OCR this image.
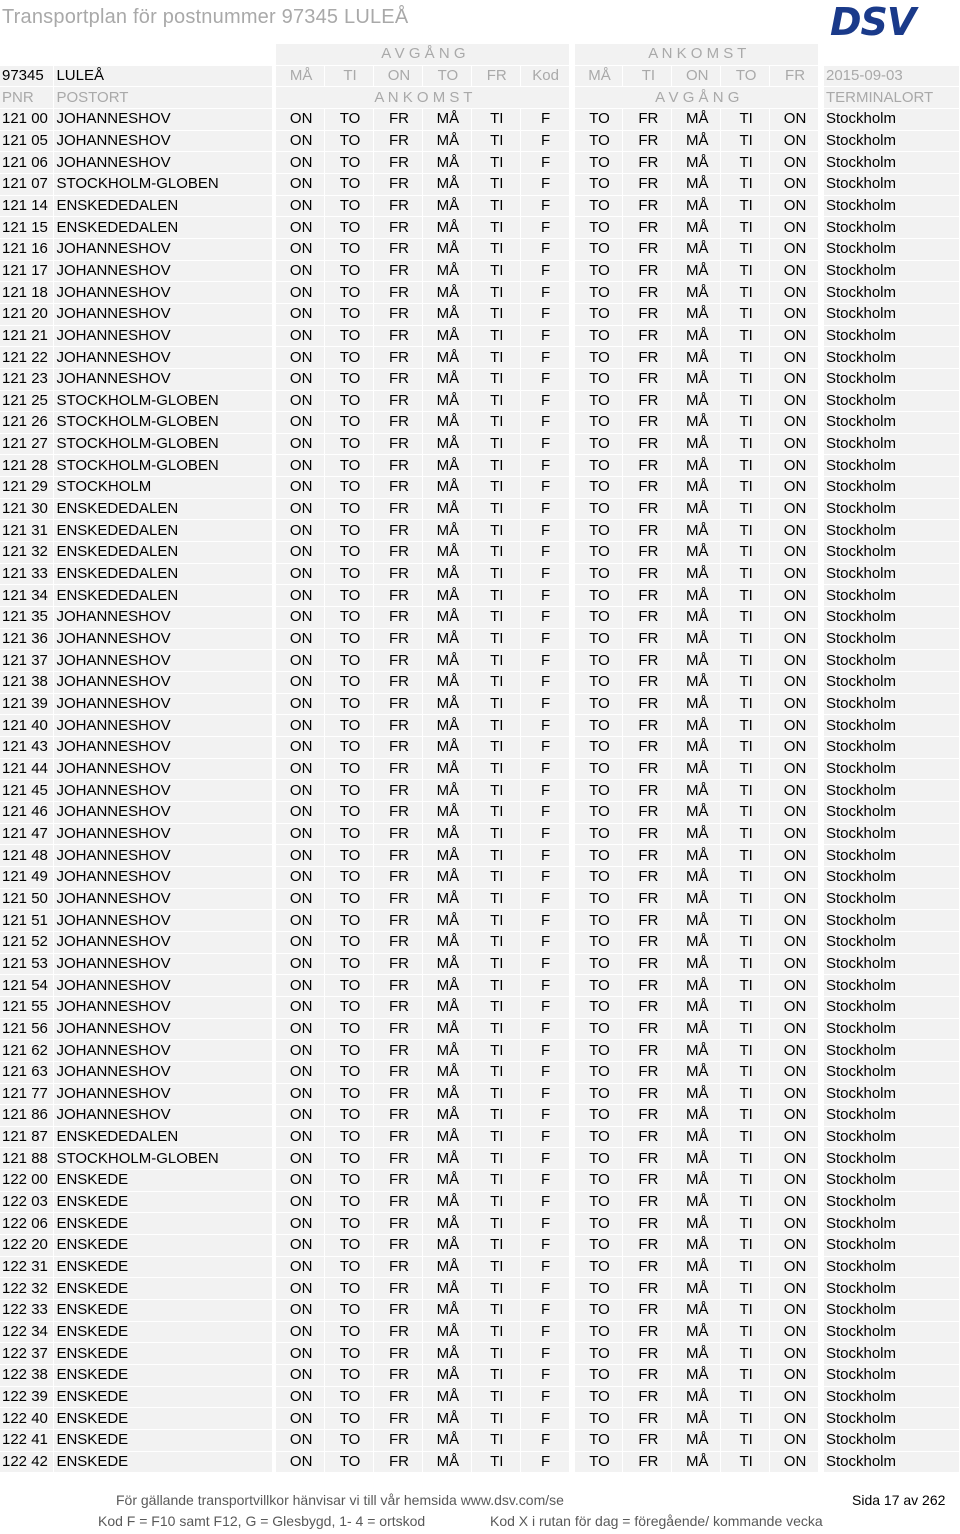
Transportplan för postnummer 97345 LULEÅ	DSV
			A V G Å N G							A N K O M S T						
97345	LULEÅ		MÅ	TI	ON	TO	FR	Kod		MÅ	TI	ON	TO	FR		2015-09-03
PNR	POSTORT		A N K O M S T							A V G Å N G						TERMINALORT
121 00	JOHANNESHOV		ON	TO	FR	MÅ	TI	F		TO	FR	MÅ	TI	ON		Stockholm
121 05	JOHANNESHOV		ON	TO	FR	MÅ	TI	F		TO	FR	MÅ	TI	ON		Stockholm
121 06	JOHANNESHOV		ON	TO	FR	MÅ	TI	F		TO	FR	MÅ	TI	ON		Stockholm
121 07	STOCKHOLM-GLOBEN		ON	TO	FR	MÅ	TI	F		TO	FR	MÅ	TI	ON		Stockholm
121 14	ENSKEDEDALEN		ON	TO	FR	MÅ	TI	F		TO	FR	MÅ	TI	ON		Stockholm
121 15	ENSKEDEDALEN		ON	TO	FR	MÅ	TI	F		TO	FR	MÅ	TI	ON		Stockholm
121 16	JOHANNESHOV		ON	TO	FR	MÅ	TI	F		TO	FR	MÅ	TI	ON		Stockholm
121 17	JOHANNESHOV		ON	TO	FR	MÅ	TI	F		TO	FR	MÅ	TI	ON		Stockholm
121 18	JOHANNESHOV		ON	TO	FR	MÅ	TI	F		TO	FR	MÅ	TI	ON		Stockholm
121 20	JOHANNESHOV		ON	TO	FR	MÅ	TI	F		TO	FR	MÅ	TI	ON		Stockholm
121 21	JOHANNESHOV		ON	TO	FR	MÅ	TI	F		TO	FR	MÅ	TI	ON		Stockholm
121 22	JOHANNESHOV		ON	TO	FR	MÅ	TI	F		TO	FR	MÅ	TI	ON		Stockholm
121 23	JOHANNESHOV		ON	TO	FR	MÅ	TI	F		TO	FR	MÅ	TI	ON		Stockholm
121 25	STOCKHOLM-GLOBEN		ON	TO	FR	MÅ	TI	F		TO	FR	MÅ	TI	ON		Stockholm
121 26	STOCKHOLM-GLOBEN		ON	TO	FR	MÅ	TI	F		TO	FR	MÅ	TI	ON		Stockholm
121 27	STOCKHOLM-GLOBEN		ON	TO	FR	MÅ	TI	F		TO	FR	MÅ	TI	ON		Stockholm
121 28	STOCKHOLM-GLOBEN		ON	TO	FR	MÅ	TI	F		TO	FR	MÅ	TI	ON		Stockholm
121 29	STOCKHOLM		ON	TO	FR	MÅ	TI	F		TO	FR	MÅ	TI	ON		Stockholm
121 30	ENSKEDEDALEN		ON	TO	FR	MÅ	TI	F		TO	FR	MÅ	TI	ON		Stockholm
121 31	ENSKEDEDALEN		ON	TO	FR	MÅ	TI	F		TO	FR	MÅ	TI	ON		Stockholm
121 32	ENSKEDEDALEN		ON	TO	FR	MÅ	TI	F		TO	FR	MÅ	TI	ON		Stockholm
121 33	ENSKEDEDALEN		ON	TO	FR	MÅ	TI	F		TO	FR	MÅ	TI	ON		Stockholm
121 34	ENSKEDEDALEN		ON	TO	FR	MÅ	TI	F		TO	FR	MÅ	TI	ON		Stockholm
121 35	JOHANNESHOV		ON	TO	FR	MÅ	TI	F		TO	FR	MÅ	TI	ON		Stockholm
121 36	JOHANNESHOV		ON	TO	FR	MÅ	TI	F		TO	FR	MÅ	TI	ON		Stockholm
121 37	JOHANNESHOV		ON	TO	FR	MÅ	TI	F		TO	FR	MÅ	TI	ON		Stockholm
121 38	JOHANNESHOV		ON	TO	FR	MÅ	TI	F		TO	FR	MÅ	TI	ON		Stockholm
121 39	JOHANNESHOV		ON	TO	FR	MÅ	TI	F		TO	FR	MÅ	TI	ON		Stockholm
121 40	JOHANNESHOV		ON	TO	FR	MÅ	TI	F		TO	FR	MÅ	TI	ON		Stockholm
121 43	JOHANNESHOV		ON	TO	FR	MÅ	TI	F		TO	FR	MÅ	TI	ON		Stockholm
121 44	JOHANNESHOV		ON	TO	FR	MÅ	TI	F		TO	FR	MÅ	TI	ON		Stockholm
121 45	JOHANNESHOV		ON	TO	FR	MÅ	TI	F		TO	FR	MÅ	TI	ON		Stockholm
121 46	JOHANNESHOV		ON	TO	FR	MÅ	TI	F		TO	FR	MÅ	TI	ON		Stockholm
121 47	JOHANNESHOV		ON	TO	FR	MÅ	TI	F		TO	FR	MÅ	TI	ON		Stockholm
121 48	JOHANNESHOV		ON	TO	FR	MÅ	TI	F		TO	FR	MÅ	TI	ON		Stockholm
121 49	JOHANNESHOV		ON	TO	FR	MÅ	TI	F		TO	FR	MÅ	TI	ON		Stockholm
121 50	JOHANNESHOV		ON	TO	FR	MÅ	TI	F		TO	FR	MÅ	TI	ON		Stockholm
121 51	JOHANNESHOV		ON	TO	FR	MÅ	TI	F		TO	FR	MÅ	TI	ON		Stockholm
121 52	JOHANNESHOV		ON	TO	FR	MÅ	TI	F		TO	FR	MÅ	TI	ON		Stockholm
121 53	JOHANNESHOV		ON	TO	FR	MÅ	TI	F		TO	FR	MÅ	TI	ON		Stockholm
121 54	JOHANNESHOV		ON	TO	FR	MÅ	TI	F		TO	FR	MÅ	TI	ON		Stockholm
121 55	JOHANNESHOV		ON	TO	FR	MÅ	TI	F		TO	FR	MÅ	TI	ON		Stockholm
121 56	JOHANNESHOV		ON	TO	FR	MÅ	TI	F		TO	FR	MÅ	TI	ON		Stockholm
121 62	JOHANNESHOV		ON	TO	FR	MÅ	TI	F		TO	FR	MÅ	TI	ON		Stockholm
121 63	JOHANNESHOV		ON	TO	FR	MÅ	TI	F		TO	FR	MÅ	TI	ON		Stockholm
121 77	JOHANNESHOV		ON	TO	FR	MÅ	TI	F		TO	FR	MÅ	TI	ON		Stockholm
121 86	JOHANNESHOV		ON	TO	FR	MÅ	TI	F		TO	FR	MÅ	TI	ON		Stockholm
121 87	ENSKEDEDALEN		ON	TO	FR	MÅ	TI	F		TO	FR	MÅ	TI	ON		Stockholm
121 88	STOCKHOLM-GLOBEN		ON	TO	FR	MÅ	TI	F		TO	FR	MÅ	TI	ON		Stockholm
122 00	ENSKEDE		ON	TO	FR	MÅ	TI	F		TO	FR	MÅ	TI	ON		Stockholm
122 03	ENSKEDE		ON	TO	FR	MÅ	TI	F		TO	FR	MÅ	TI	ON		Stockholm
122 06	ENSKEDE		ON	TO	FR	MÅ	TI	F		TO	FR	MÅ	TI	ON		Stockholm
122 20	ENSKEDE		ON	TO	FR	MÅ	TI	F		TO	FR	MÅ	TI	ON		Stockholm
122 31	ENSKEDE		ON	TO	FR	MÅ	TI	F		TO	FR	MÅ	TI	ON		Stockholm
122 32	ENSKEDE		ON	TO	FR	MÅ	TI	F		TO	FR	MÅ	TI	ON		Stockholm
122 33	ENSKEDE		ON	TO	FR	MÅ	TI	F		TO	FR	MÅ	TI	ON		Stockholm
122 34	ENSKEDE		ON	TO	FR	MÅ	TI	F		TO	FR	MÅ	TI	ON		Stockholm
122 37	ENSKEDE		ON	TO	FR	MÅ	TI	F		TO	FR	MÅ	TI	ON		Stockholm
122 38	ENSKEDE		ON	TO	FR	MÅ	TI	F		TO	FR	MÅ	TI	ON		Stockholm
122 39	ENSKEDE		ON	TO	FR	MÅ	TI	F		TO	FR	MÅ	TI	ON		Stockholm
122 40	ENSKEDE		ON	TO	FR	MÅ	TI	F		TO	FR	MÅ	TI	ON		Stockholm
122 41	ENSKEDE		ON	TO	FR	MÅ	TI	F		TO	FR	MÅ	TI	ON		Stockholm
122 42	ENSKEDE		ON	TO	FR	MÅ	TI	F		TO	FR	MÅ	TI	ON		Stockholm
För gällande transportvillkor hänvisar vi till vår hemsida www.dsv.com/se	Sida 17 av 262
Kod F = F10 samt F12, G = Glesbygd, 1- 4 = ortskod	Kod X i rutan för dag = föregående/ kommande vecka
